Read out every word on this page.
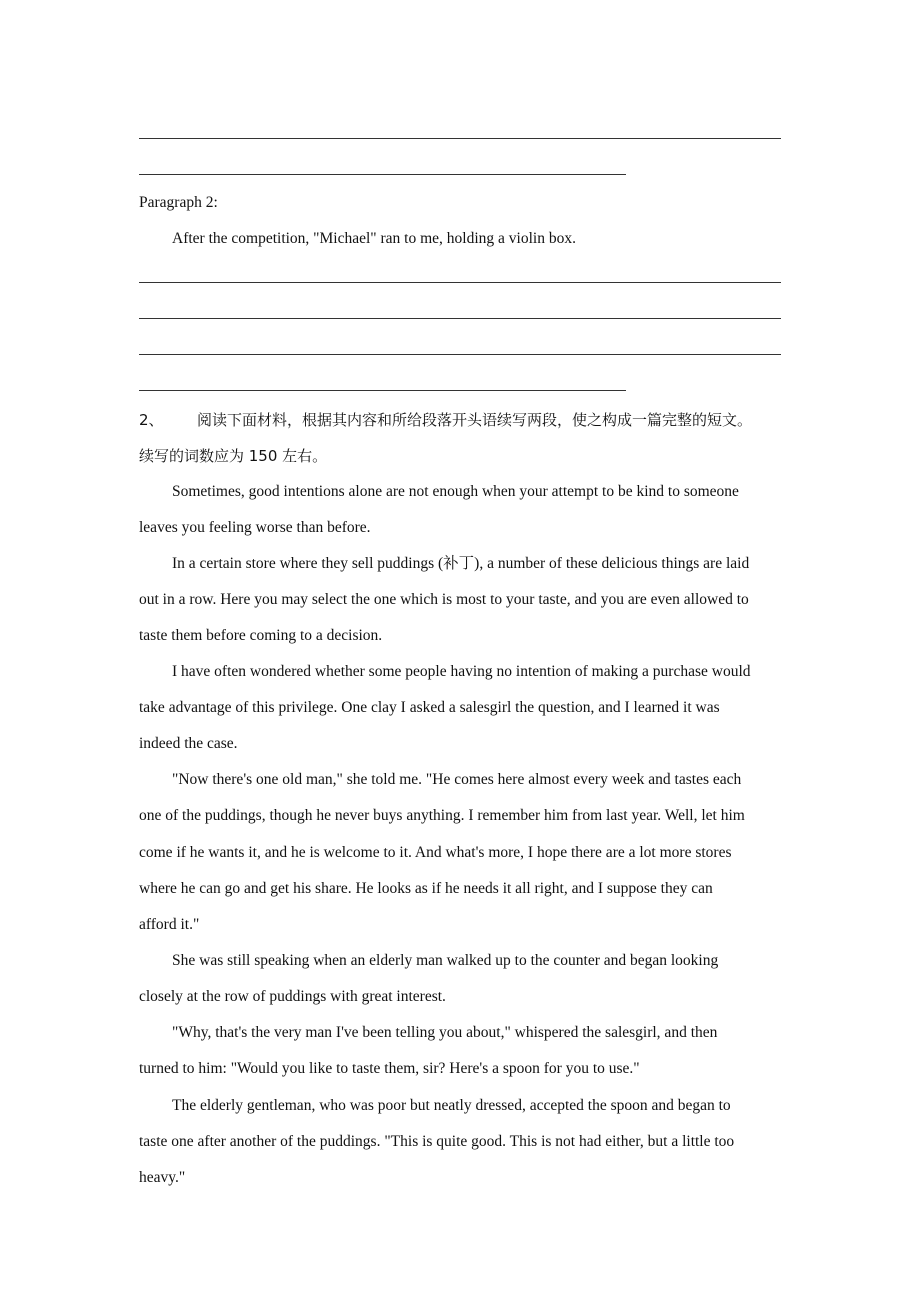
Paragraph 2:
After the competition, "Michael" ran to me, holding a violin box.
2、 阅读下面材料，根据其内容和所给段落开头语续写两段，使之构成一篇完整的短文。
续写的词数应为 150 左右。
Sometimes, good intentions alone are not enough when your attempt to be kind to someone
leaves you feeling worse than before.
In a certain store where they sell puddings (补丁), a number of these delicious things are laid
out in a row. Here you may select the one which is most to your taste, and you are even allowed to
taste them before coming to a decision.
I have often wondered whether some people having no intention of making a purchase would
take advantage of this privilege. One clay I asked a salesgirl the question, and I learned it was
indeed the case.
"Now there's one old man," she told me. "He comes here almost every week and tastes each
one of the puddings, though he never buys anything. I remember him from last year. Well, let him
come if he wants it, and he is welcome to it. And what's more, I hope there are a lot more stores
where he can go and get his share. He looks as if he needs it all right, and I suppose they can
afford it."
She was still speaking when an elderly man walked up to the counter and began looking
closely at the row of puddings with great interest.
"Why, that's the very man I've been telling you about," whispered the salesgirl, and then
turned to him: "Would you like to taste them, sir? Here's a spoon for you to use."
The elderly gentleman, who was poor but neatly dressed, accepted the spoon and began to
taste one after another of the puddings. "This is quite good. This is not had either, but a little too
heavy."
